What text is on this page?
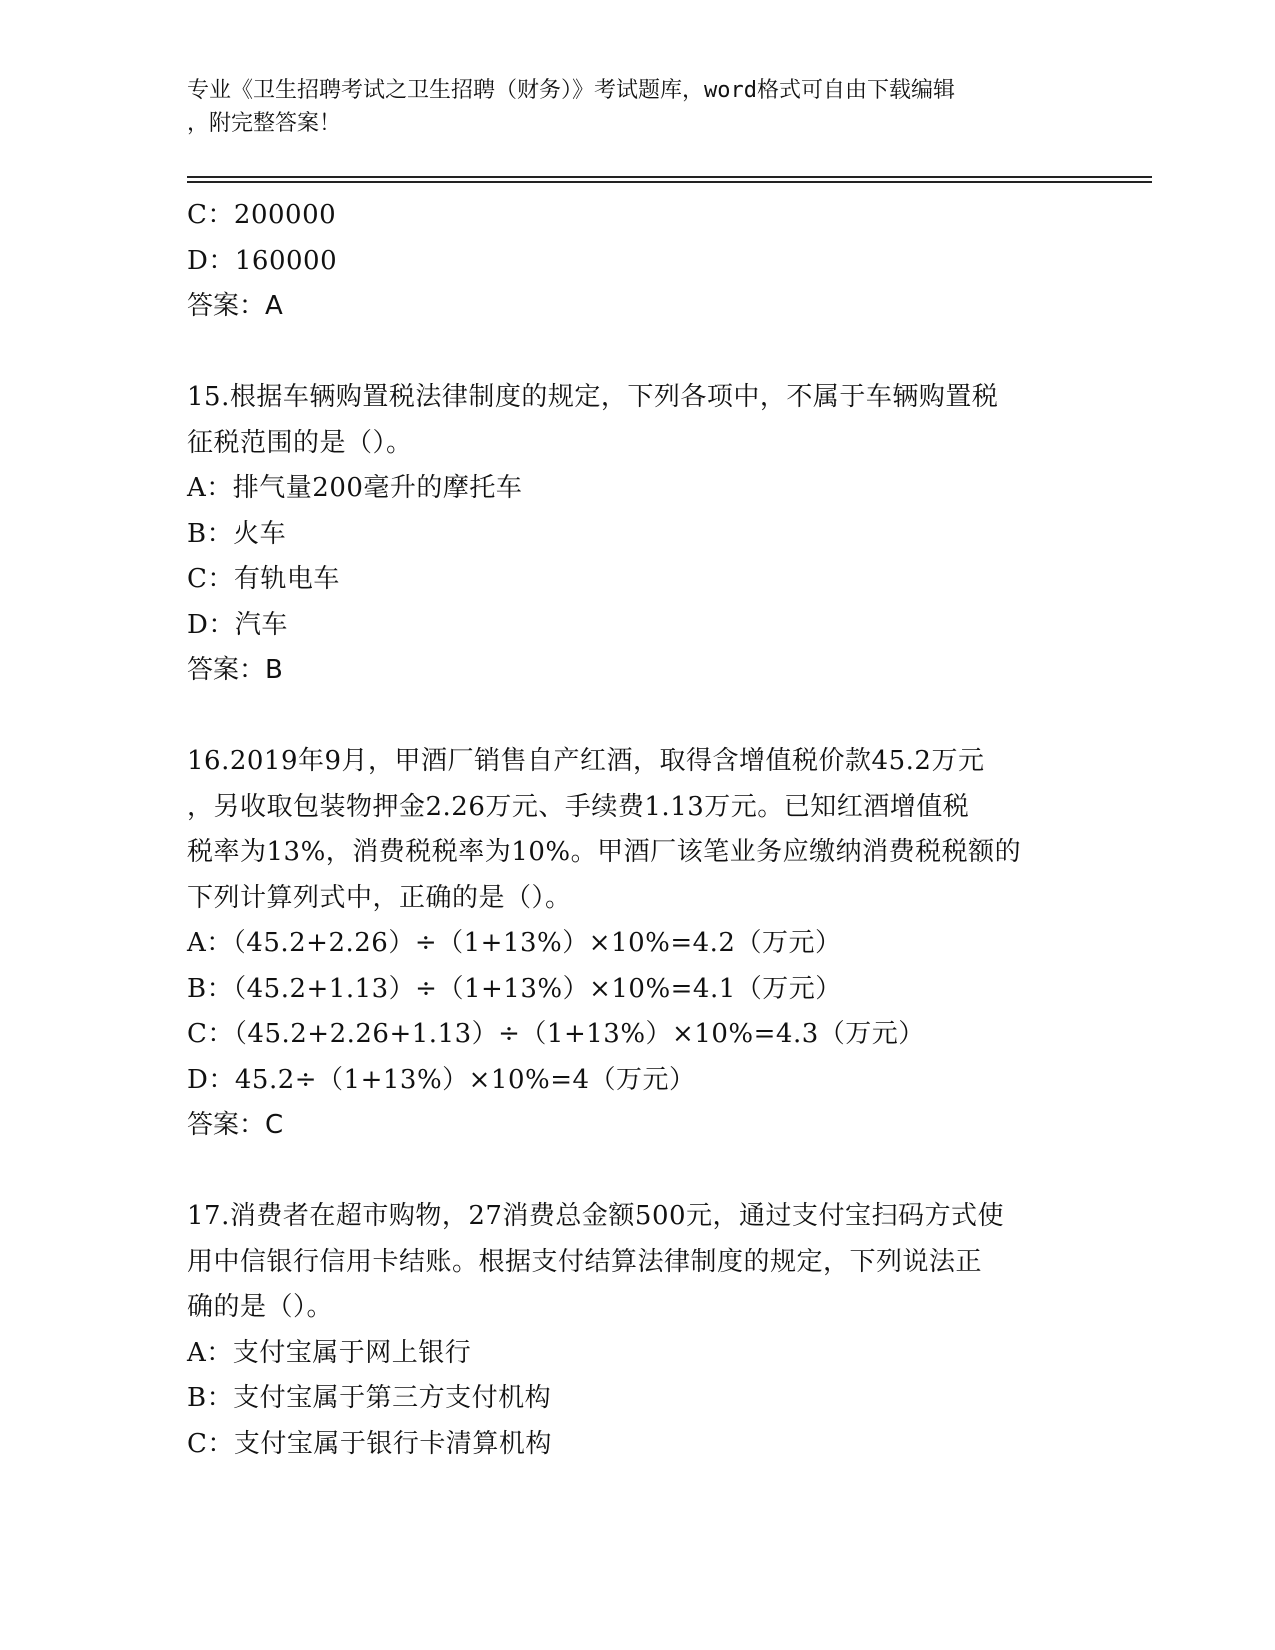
专业《卫生招聘考试之卫生招聘（财务）》考试题库，word格式可自由下载编辑
，附完整答案！
C：200000
D：160000
答案：A
15.根据车辆购置税法律制度的规定，下列各项中，不属于车辆购置税
征税范围的是（）。
A：排气量200毫升的摩托车
B：火车
C：有轨电车
D：汽车
答案：B
16.2019年9月，甲酒厂销售自产红酒，取得含增值税价款45.2万元
，另收取包装物押金2.26万元、手续费1.13万元。已知红酒增值税
税率为13%，消费税税率为10%。甲酒厂该笔业务应缴纳消费税税额的
下列计算列式中，正确的是（）。
A：（45.2+2.26）÷（1+13%）×10%=4.2（万元）
B：（45.2+1.13）÷（1+13%）×10%=4.1（万元）
C：（45.2+2.26+1.13）÷（1+13%）×10%=4.3（万元）
D：45.2÷（1+13%）×10%=4（万元）
答案：C
17.消费者在超市购物，27消费总金额500元，通过支付宝扫码方式使
用中信银行信用卡结账。根据支付结算法律制度的规定，下列说法正
确的是（）。
A：支付宝属于网上银行
B：支付宝属于第三方支付机构
C：支付宝属于银行卡清算机构
